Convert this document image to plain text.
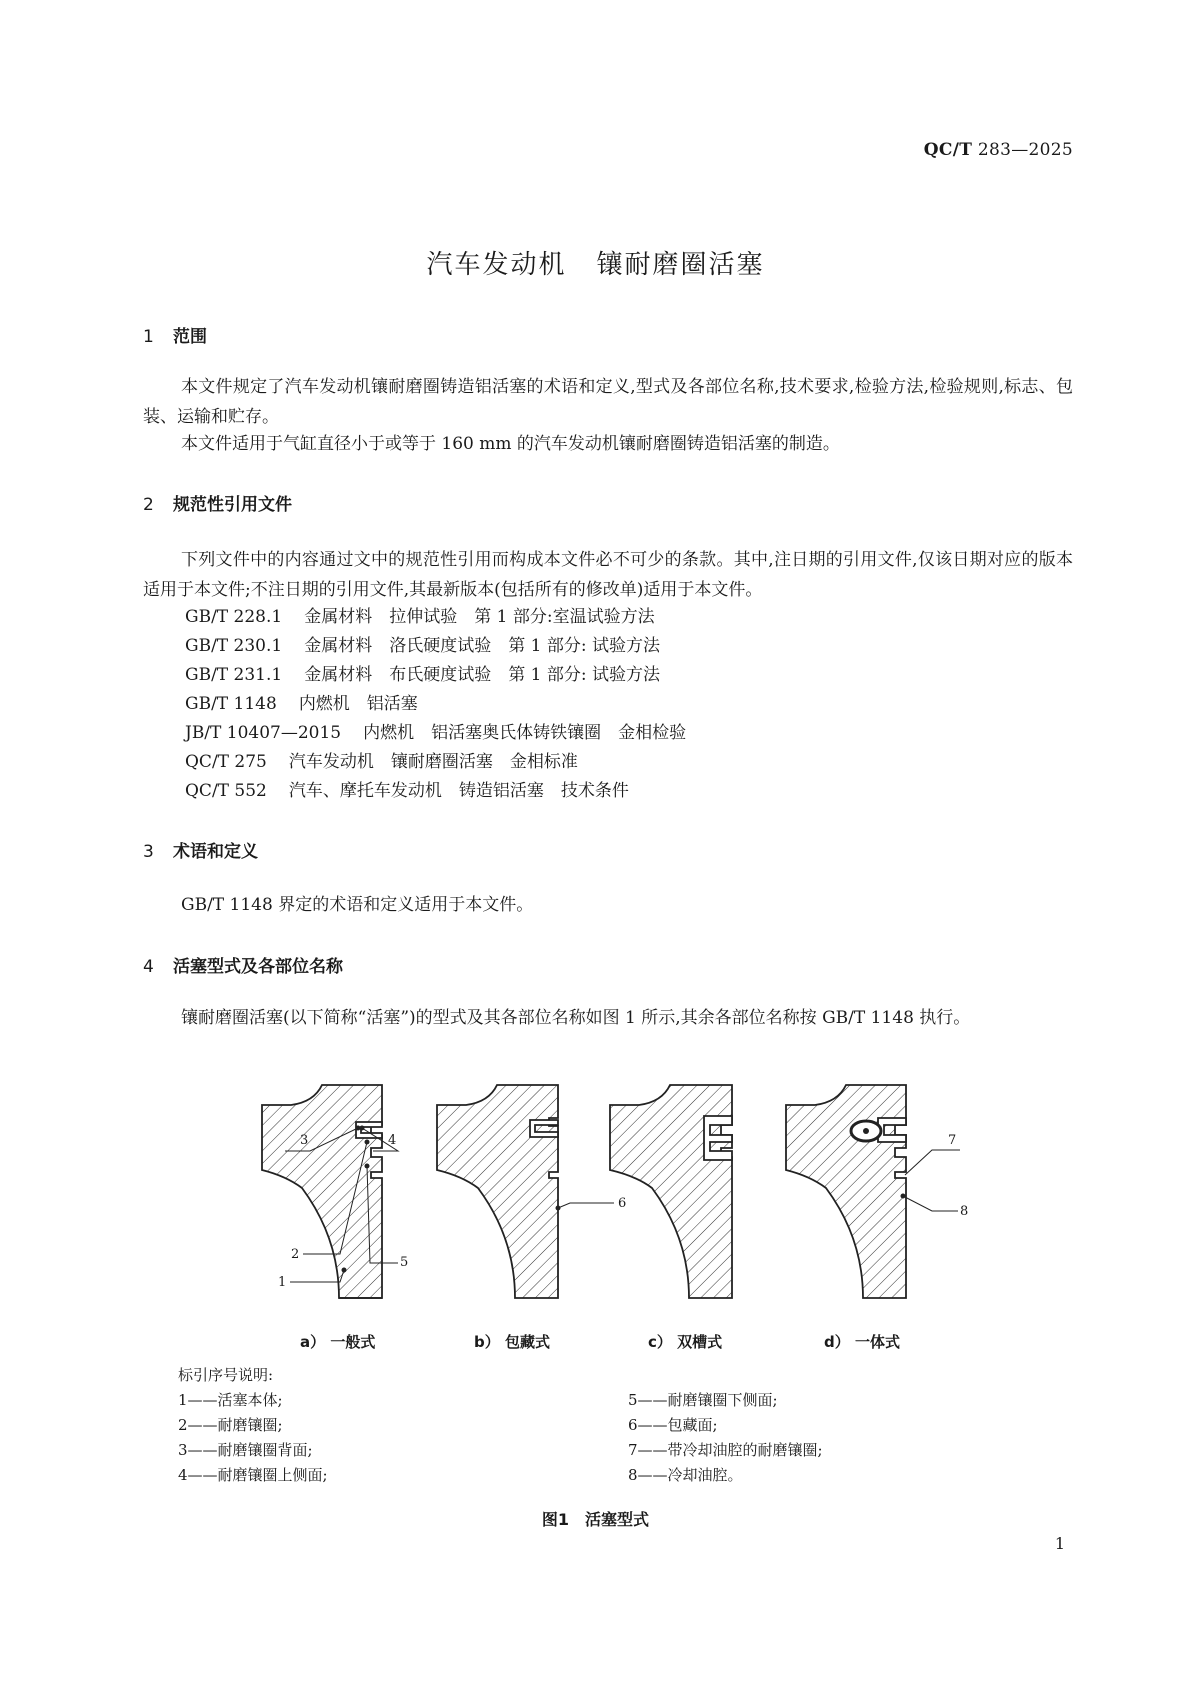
QC/T 283—2025
汽车发动机 镶耐磨圈活塞
1 范围
本文件规定了汽车发动机镶耐磨圈铸造铝活塞的术语和定义,型式及各部位名称,技术要求,检验方法,检验规则,标志、包装、运输和贮存。
本文件适用于气缸直径小于或等于 160 mm 的汽车发动机镶耐磨圈铸造铝活塞的制造。
2 规范性引用文件
下列文件中的内容通过文中的规范性引用而构成本文件必不可少的条款。其中,注日期的引用文件,仅该日期对应的版本适用于本文件;不注日期的引用文件,其最新版本(包括所有的修改单)适用于本文件。
GB/T 228.1 金属材料　拉伸试验　第 1 部分:室温试验方法
GB/T 230.1 金属材料　洛氏硬度试验　第 1 部分: 试验方法
GB/T 231.1 金属材料　布氏硬度试验　第 1 部分: 试验方法
GB/T 1148 内燃机　铝活塞
JB/T 10407—2015 内燃机　铝活塞奥氏体铸铁镶圈　金相检验
QC/T 275 汽车发动机　镶耐磨圈活塞　金相标准
QC/T 552 汽车、摩托车发动机　铸造铝活塞　技术条件
3 术语和定义
GB/T 1148 界定的术语和定义适用于本文件。
4 活塞型式及各部位名称
镶耐磨圈活塞(以下简称“活塞”)的型式及其各部位名称如图 1 所示,其余各部位名称按 GB/T 1148 执行。
3	4
2
5
1
6
7
8
a） 一般式	b） 包藏式	c） 双槽式	d） 一体式
标引序号说明:
1——活塞本体;
2——耐磨镶圈;
3——耐磨镶圈背面;
4——耐磨镶圈上侧面;
5——耐磨镶圈下侧面;
6——包藏面;
7——带冷却油腔的耐磨镶圈;
8——冷却油腔。
图1　活塞型式
1
